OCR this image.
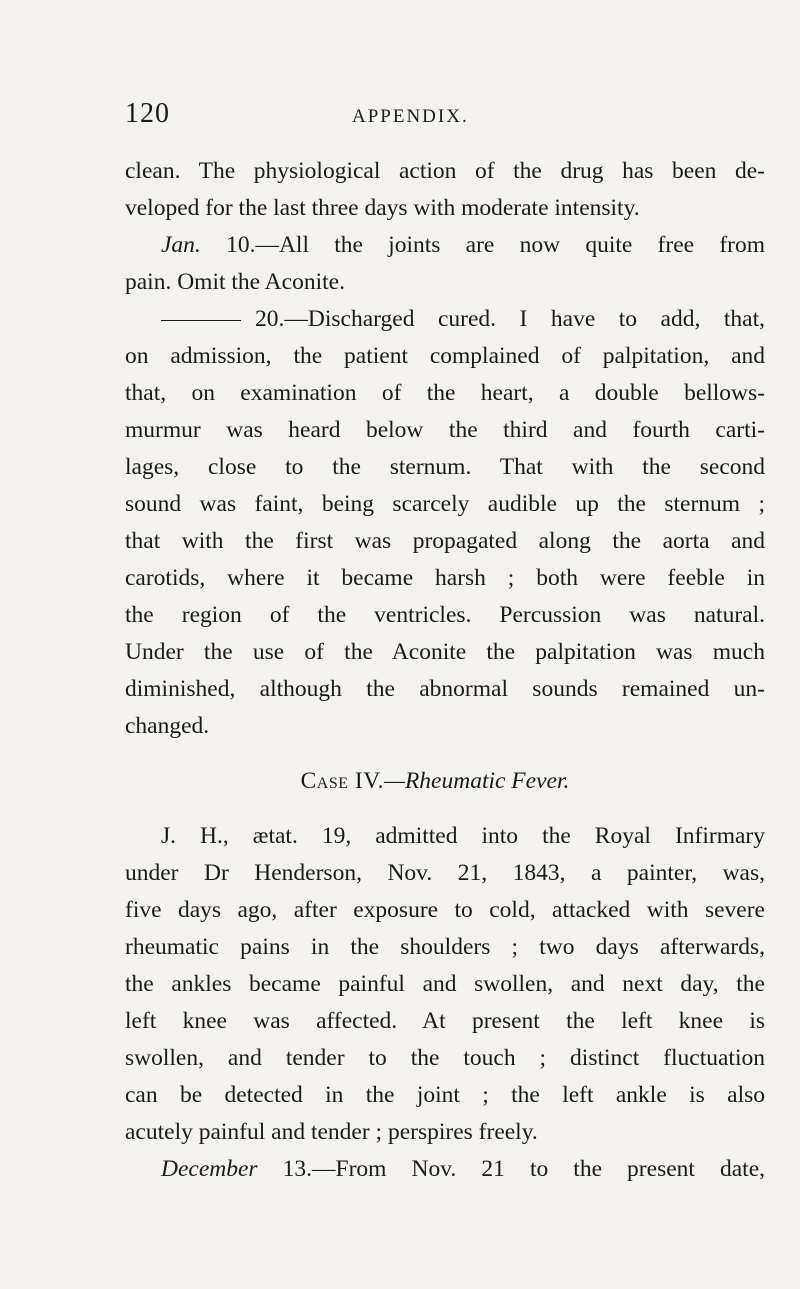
120	APPENDIX.
clean. The physiological action of the drug has been de-
veloped for the last three days with moderate intensity.
Jan. 10.—All the joints are now quite free from
pain. Omit the Aconite.
20.—Discharged cured. I have to add, that,
on admission, the patient complained of palpitation, and
that, on examination of the heart, a double bellows-
murmur was heard below the third and fourth carti-
lages, close to the sternum. That with the second
sound was faint, being scarcely audible up the sternum ;
that with the first was propagated along the aorta and
carotids, where it became harsh ; both were feeble in
the region of the ventricles. Percussion was natural.
Under the use of the Aconite the palpitation was much
diminished, although the abnormal sounds remained un-
changed.
Case IV.—Rheumatic Fever.
J. H., ætat. 19, admitted into the Royal Infirmary
under Dr Henderson, Nov. 21, 1843, a painter, was,
five days ago, after exposure to cold, attacked with severe
rheumatic pains in the shoulders ; two days afterwards,
the ankles became painful and swollen, and next day, the
left knee was affected. At present the left knee is
swollen, and tender to the touch ; distinct fluctuation
can be detected in the joint ; the left ankle is also
acutely painful and tender ; perspires freely.
December 13.—From Nov. 21 to the present date,
